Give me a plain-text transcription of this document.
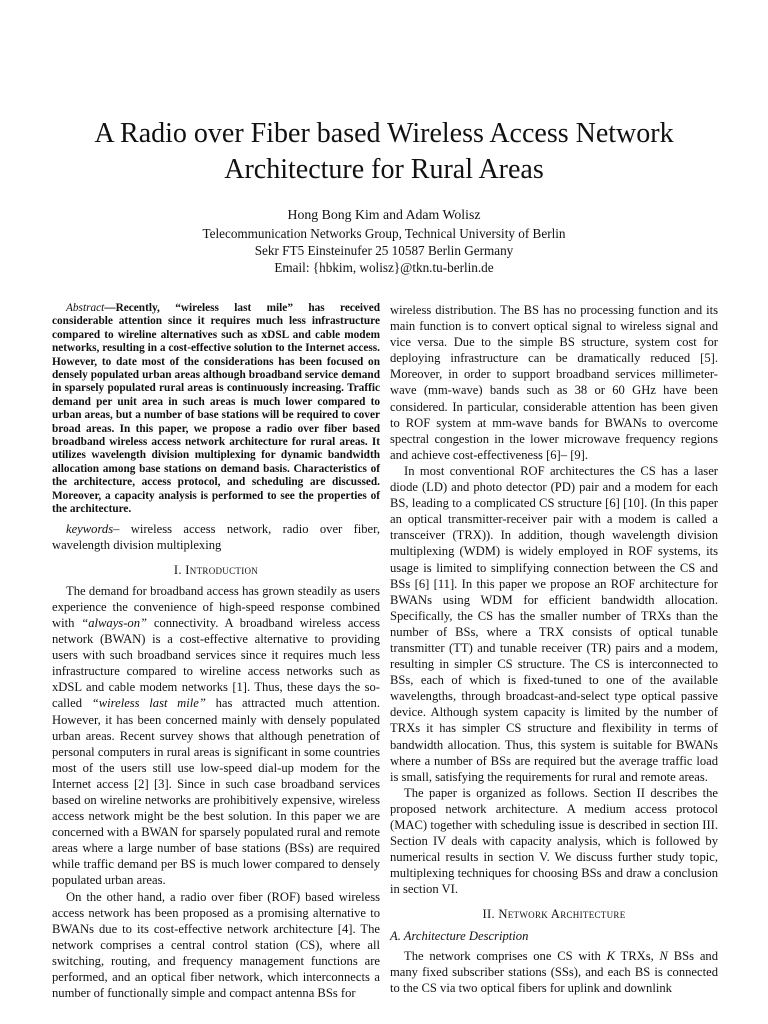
A Radio over Fiber based Wireless Access Network Architecture for Rural Areas
Hong Bong Kim and Adam Wolisz
Telecommunication Networks Group, Technical University of Berlin
Sekr FT5 Einsteinufer 25 10587 Berlin Germany
Email: {hbkim, wolisz}@tkn.tu-berlin.de

Abstract—Recently, “wireless last mile” has received considerable attention since it requires much less infrastructure compared to wireline alternatives such as xDSL and cable modem networks, resulting in a cost-effective solution to the Internet access. However, to date most of the considerations has been focused on densely populated urban areas although broadband service demand in sparsely populated rural areas is continuously increasing. Traffic demand per unit area in such areas is much lower compared to urban areas, but a number of base stations will be required to cover broad areas. In this paper, we propose a radio over fiber based broadband wireless access network architecture for rural areas. It utilizes wavelength division multiplexing for dynamic bandwidth allocation among base stations on demand basis. Characteristics of the architecture, access protocol, and scheduling are discussed. Moreover, a capacity analysis is performed to see the properties of the architecture.

keywords– wireless access network, radio over fiber, wavelength division multiplexing

I. Introduction

The demand for broadband access has grown steadily as users experience the convenience of high-speed response combined with “always-on” connectivity. A broadband wireless access network (BWAN) is a cost-effective alternative to providing users with such broadband services since it requires much less infrastructure compared to wireline access networks such as xDSL and cable modem networks [1]. Thus, these days the so-called “wireless last mile” has attracted much attention. However, it has been concerned mainly with densely populated urban areas. Recent survey shows that although penetration of personal computers in rural areas is significant in some countries most of the users still use low-speed dial-up modem for the Internet access [2] [3]. Since in such case broadband services based on wireline networks are prohibitively expensive, wireless access network might be the best solution. In this paper we are concerned with a BWAN for sparsely populated rural and remote areas where a large number of base stations (BSs) are required while traffic demand per BS is much lower compared to densely populated urban areas.

On the other hand, a radio over fiber (ROF) based wireless access network has been proposed as a promising alternative to BWANs due to its cost-effective network architecture [4]. The network comprises a central control station (CS), where all switching, routing, and frequency management functions are performed, and an optical fiber network, which interconnects a number of functionally simple and compact antenna BSs for

wireless distribution. The BS has no processing function and its main function is to convert optical signal to wireless signal and vice versa. Due to the simple BS structure, system cost for deploying infrastructure can be dramatically reduced [5]. Moreover, in order to support broadband services millimeter-wave (mm-wave) bands such as 38 or 60 GHz have been considered. In particular, considerable attention has been given to ROF system at mm-wave bands for BWANs to overcome spectral congestion in the lower microwave frequency regions and achieve cost-effectiveness [6]– [9].

In most conventional ROF architectures the CS has a laser diode (LD) and photo detector (PD) pair and a modem for each BS, leading to a complicated CS structure [6] [10]. (In this paper an optical transmitter-receiver pair with a modem is called a transceiver (TRX)). In addition, though wavelength division multiplexing (WDM) is widely employed in ROF systems, its usage is limited to simplifying connection between the CS and BSs [6] [11]. In this paper we propose an ROF architecture for BWANs using WDM for efficient bandwidth allocation. Specifically, the CS has the smaller number of TRXs than the number of BSs, where a TRX consists of optical tunable transmitter (TT) and tunable receiver (TR) pairs and a modem, resulting in simpler CS structure. The CS is interconnected to BSs, each of which is fixed-tuned to one of the available wavelengths, through broadcast-and-select type optical passive device. Although system capacity is limited by the number of TRXs it has simpler CS structure and flexibility in terms of bandwidth allocation. Thus, this system is suitable for BWANs where a number of BSs are required but the average traffic load is small, satisfying the requirements for rural and remote areas.

The paper is organized as follows. Section II describes the proposed network architecture. A medium access protocol (MAC) together with scheduling issue is described in section III. Section IV deals with capacity analysis, which is followed by numerical results in section V. We discuss further study topic, multiplexing techniques for choosing BSs and draw a conclusion in section VI.

II. Network Architecture
A. Architecture Description

The network comprises one CS with K TRXs, N BSs and many fixed subscriber stations (SSs), and each BS is connected to the CS via two optical fibers for uplink and downlink
